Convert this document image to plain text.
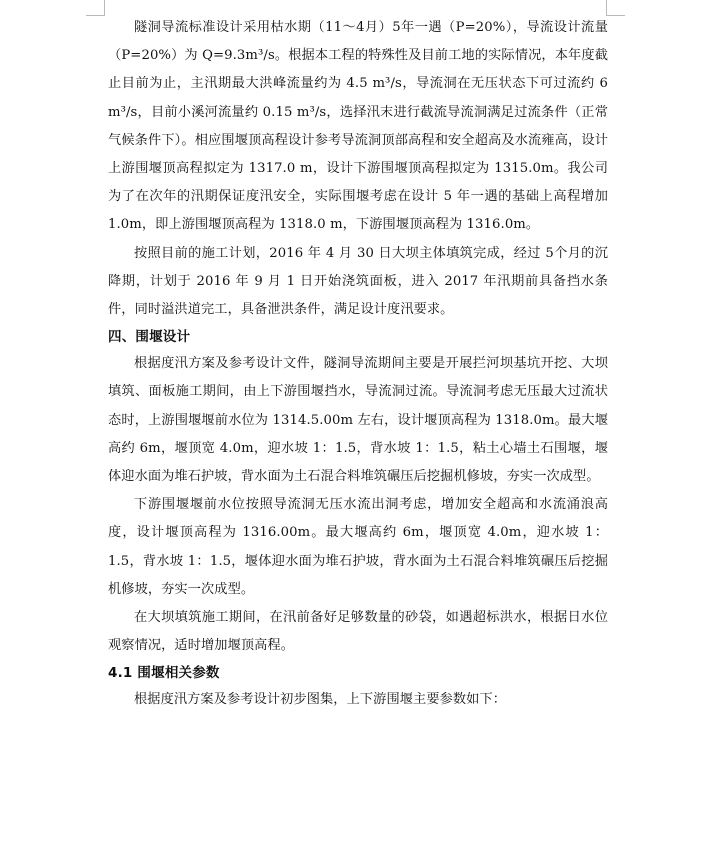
隧洞导流标准设计采用枯水期（11～4月）5年一遇（P=20%），导流设计流量（P=20%）为 Q=9.3m³/s。根据本工程的特殊性及目前工地的实际情况，本年度截止目前为止，主汛期最大洪峰流量约为 4.5 m³/s，导流洞在无压状态下可过流约 6 m³/s，目前小溪河流量约 0.15 m³/s，选择汛末进行截流导流洞满足过流条件（正常气候条件下）。相应围堰顶高程设计参考导流洞顶部高程和安全超高及水流雍高，设计上游围堰顶高程拟定为 1317.0 m，设计下游围堰顶高程拟定为 1315.0m。我公司为了在次年的汛期保证度汛安全，实际围堰考虑在设计 5 年一遇的基础上高程增加 1.0m，即上游围堰顶高程为 1318.0 m，下游围堰顶高程为 1316.0m。

按照目前的施工计划，2016 年 4 月 30 日大坝主体填筑完成，经过 5个月的沉降期，计划于 2016 年 9 月 1 日开始浇筑面板，进入 2017 年汛期前具备挡水条件，同时溢洪道完工，具备泄洪条件，满足设计度汛要求。

四、围堰设计

根据度汛方案及参考设计文件，隧洞导流期间主要是开展拦河坝基坑开挖、大坝填筑、面板施工期间，由上下游围堰挡水，导流洞过流。导流洞考虑无压最大过流状态时，上游围堰堰前水位为 1314.5.00m 左右，设计堰顶高程为 1318.0m。最大堰高约 6m，堰顶宽 4.0m，迎水坡 1：1.5，背水坡 1：1.5，粘土心墙土石围堰，堰体迎水面为堆石护坡，背水面为土石混合料堆筑碾压后挖掘机修坡，夯实一次成型。

下游围堰堰前水位按照导流洞无压水流出洞考虑，增加安全超高和水流涌浪高度，设计堰顶高程为 1316.00m。最大堰高约 6m，堰顶宽 4.0m，迎水坡 1：1.5，背水坡 1：1.5，堰体迎水面为堆石护坡，背水面为土石混合料堆筑碾压后挖掘机修坡，夯实一次成型。

在大坝填筑施工期间，在汛前备好足够数量的砂袋，如遇超标洪水，根据日水位观察情况，适时增加堰顶高程。

4.1 围堰相关参数

根据度汛方案及参考设计初步图集，上下游围堰主要参数如下：
